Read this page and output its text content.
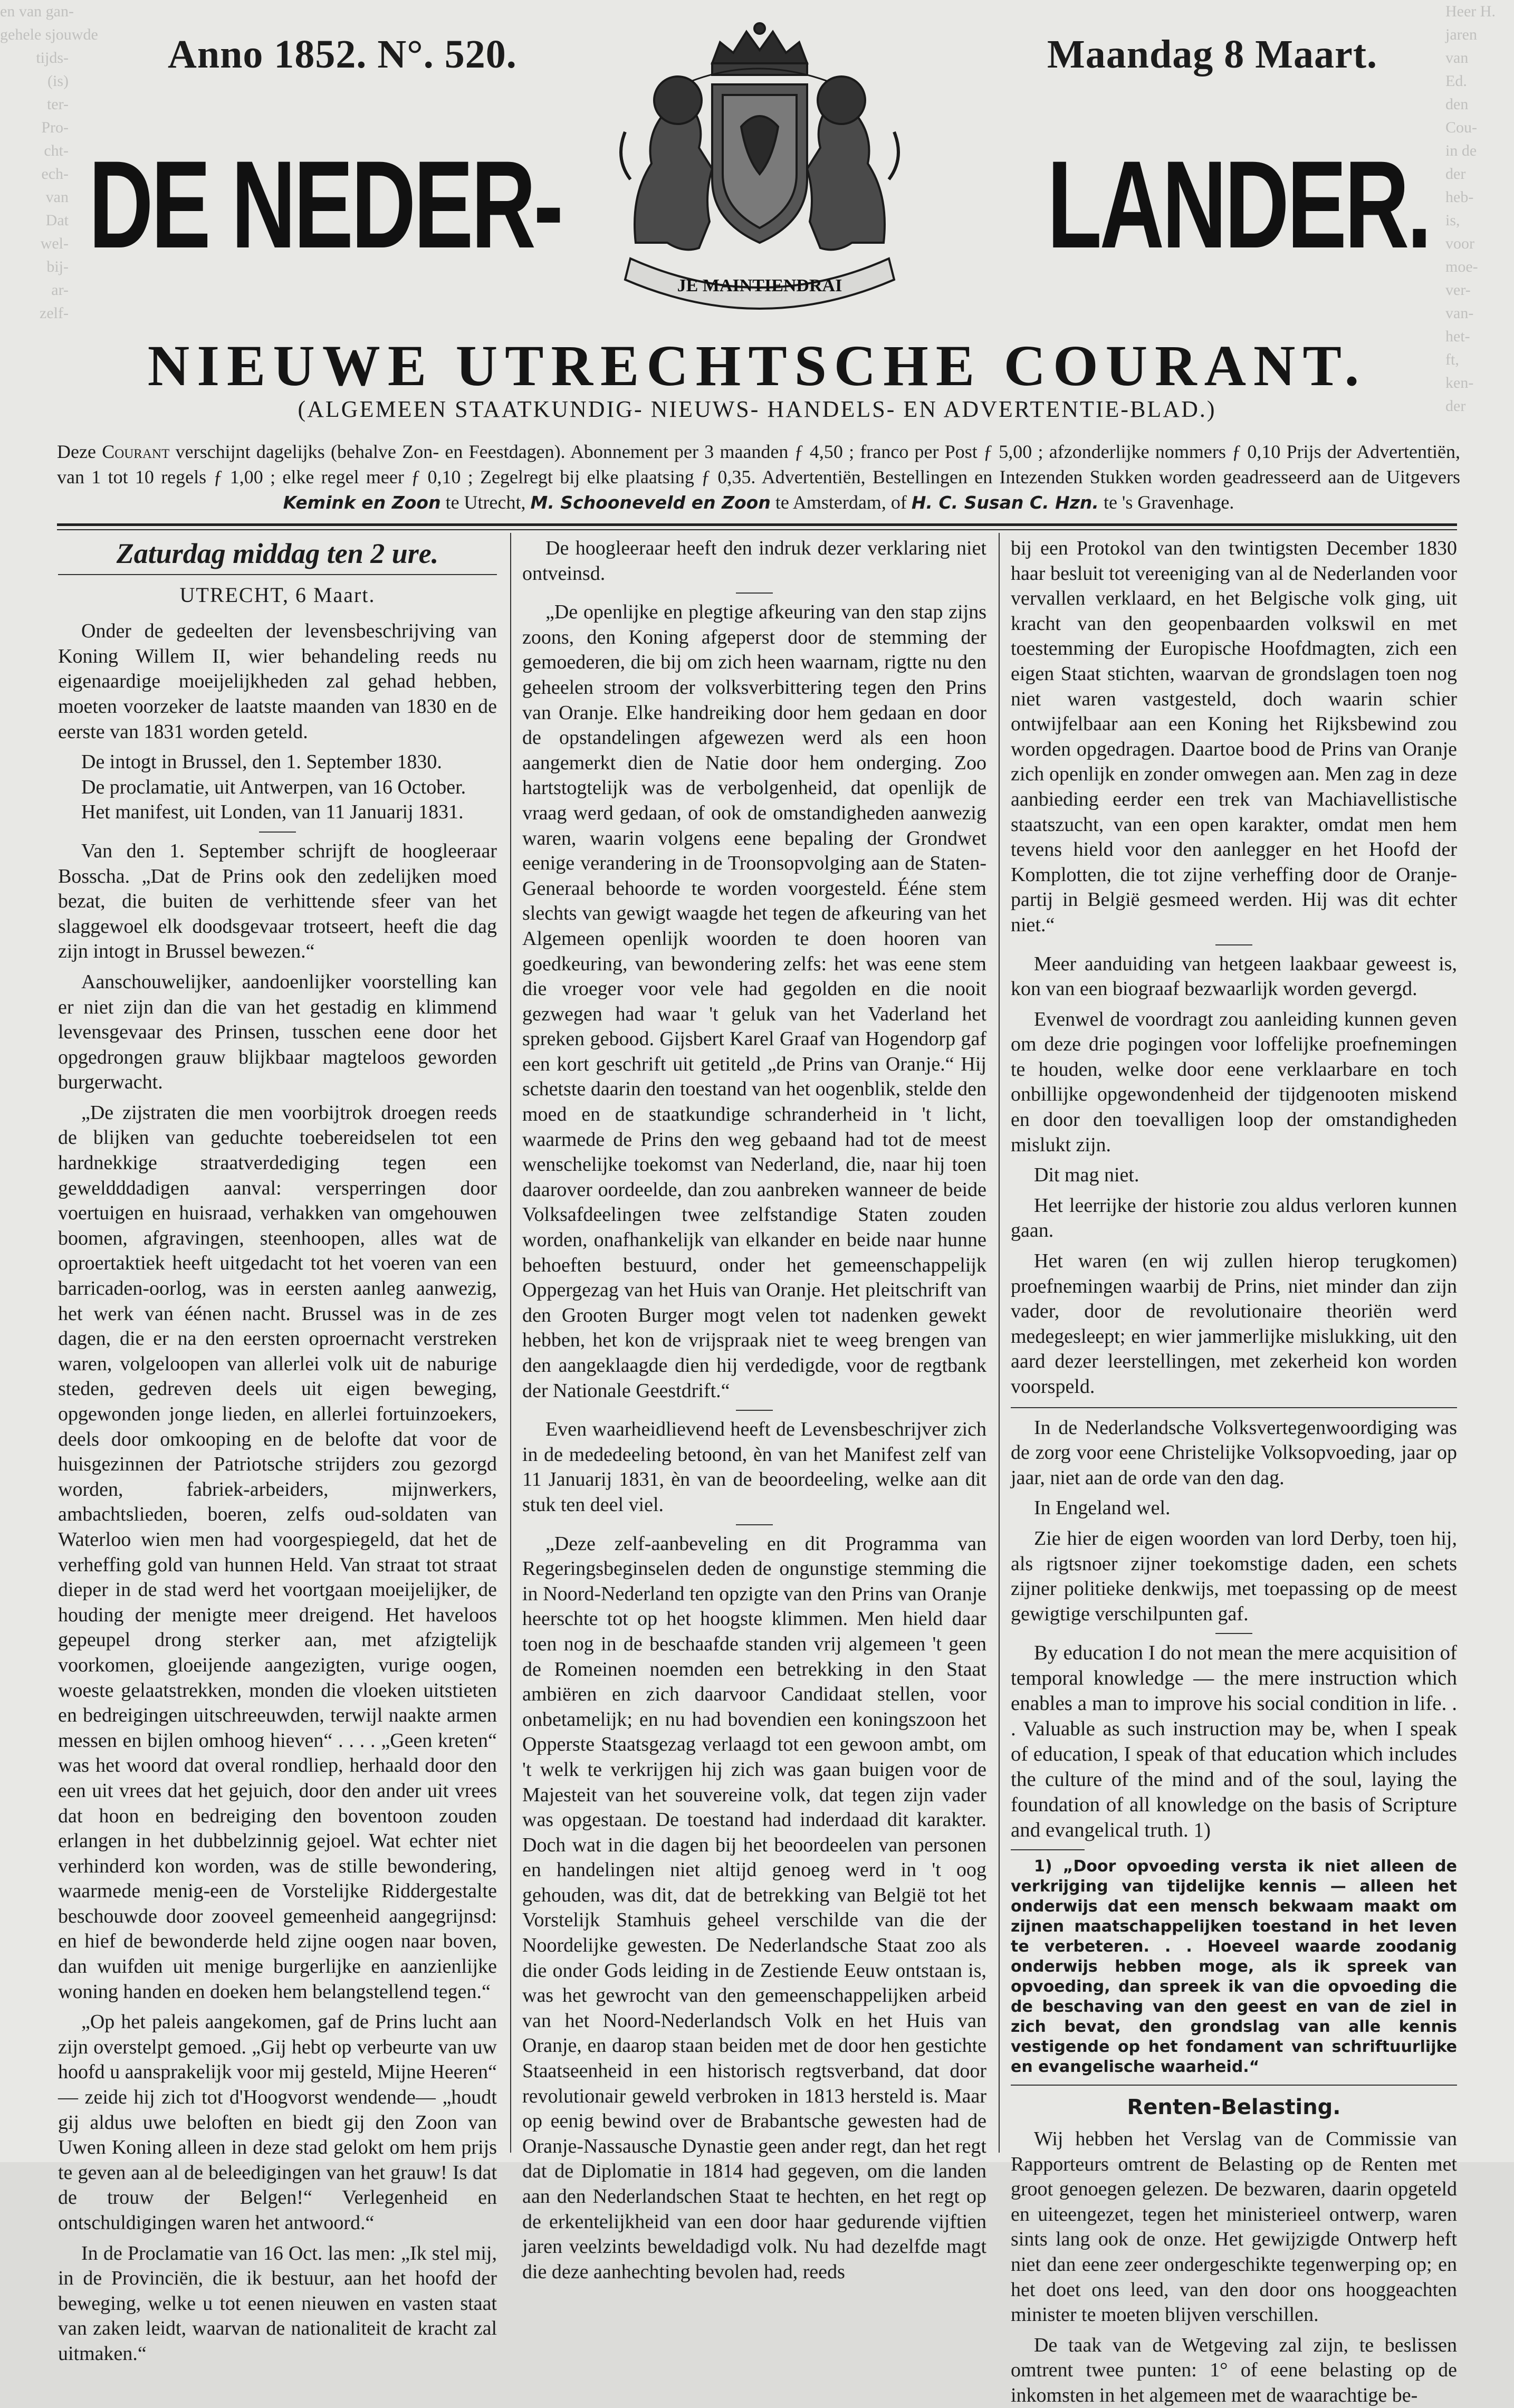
en van gan-
gehele sjouwde
tijds-
(is)
ter-
Pro-
cht-
ech-
van
Dat
wel-
bij-
ar-
zelf-
Heer H.
jaren
van
Ed.
den
Cou-
in de
der
heb-
is,
voor
moe-
ver-
van-
het-
ft,
ken-
der
Anno 1852. N°. 520.	Maandag 8 Maart.
DE NEDER-	LANDER.
JE MAINTIENDRAI
NIEUWE UTRECHTSCHE COURANT.
(ALGEMEEN STAATKUNDIG- NIEUWS- HANDELS- EN ADVERTENTIE-BLAD.)
Deze Courant verschijnt dagelijks (behalve Zon- en Feestdagen). Abonnement per 3 maanden ƒ 4,50 ; franco per Post ƒ 5,00 ; afzonderlijke nommers ƒ 0,10 Prijs der Advertentiën, van 1 tot 10 regels ƒ 1,00 ; elke regel meer ƒ 0,10 ; Zegelregt bij elke plaatsing ƒ 0,35. Advertentiën, Bestellingen en Intezenden Stukken worden geadresseerd aan de Uitgevers Kemink en Zoon te Utrecht, M. Schooneveld en Zoon te Amsterdam, of H. C. Susan C. Hzn. te 's Gravenhage.
Zaturdag middag ten 2 ure.
UTRECHT, 6 Maart.

Onder de gedeelten der levensbeschrijving van Koning Willem II, wier behandeling reeds nu eigenaardige moeijelijkheden zal gehad hebben, moeten voorzeker de laatste maanden van 1830 en de eerste van 1831 worden geteld.

De intogt in Brussel, den 1. September 1830.

De proclamatie, uit Antwerpen, van 16 October.

Het manifest, uit Londen, van 11 Januarij 1831.

Van den 1. September schrijft de hoogleeraar Bosscha. „Dat de Prins ook den zedelijken moed bezat, die buiten de verhittende sfeer van het slaggewoel elk doodsgevaar trotseert, heeft die dag zijn intogt in Brussel bewezen.“

Aanschouwelijker, aandoenlijker voorstelling kan er niet zijn dan die van het gestadig en klimmend levensgevaar des Prinsen, tusschen eene door het opgedrongen grauw blijkbaar magteloos geworden burgerwacht.

„De zijstraten die men voorbijtrok droegen reeds de blijken van geduchte toebereidselen tot een hardnekkige straatverdediging tegen een geweldddadigen aanval: versperringen door voertuigen en huisraad, verhakken van omgehouwen boomen, afgravingen, steenhoopen, alles wat de oproertaktiek heeft uitgedacht tot het voeren van een barricaden-oorlog, was in eersten aanleg aanwezig, het werk van éénen nacht. Brussel was in de zes dagen, die er na den eersten oproernacht verstreken waren, volgeloopen van allerlei volk uit de naburige steden, gedreven deels uit eigen beweging, opgewonden jonge lieden, en allerlei fortuinzoekers, deels door omkooping en de belofte dat voor de huisgezinnen der Patriotsche strijders zou gezorgd worden, fabriek-arbeiders, mijnwerkers, ambachtslieden, boeren, zelfs oud-soldaten van Waterloo wien men had voorgespiegeld, dat het de verheffing gold van hunnen Held. Van straat tot straat dieper in de stad werd het voortgaan moeijelijker, de houding der menigte meer dreigend. Het haveloos gepeupel drong sterker aan, met afzigtelijk voorkomen, gloeijende aangezigten, vurige oogen, woeste gelaatstrekken, monden die vloeken uitstieten en bedreigingen uitschreeuwden, terwijl naakte armen messen en bijlen omhoog hieven“ . . . . „Geen kreten“ was het woord dat overal rondliep, herhaald door den een uit vrees dat het gejuich, door den ander uit vrees dat hoon en bedreiging den boventoon zouden erlangen in het dubbelzinnig gejoel. Wat echter niet verhinderd kon worden, was de stille bewondering, waarmede menig-een de Vorstelijke Riddergestalte beschouwde door zooveel gemeenheid aangegrijnsd: en hief de bewonderde held zijne oogen naar boven, dan wuifden uit menige burgerlijke en aanzienlijke woning handen en doeken hem belangstellend tegen.“

„Op het paleis aangekomen, gaf de Prins lucht aan zijn overstelpt gemoed. „Gij hebt op verbeurte van uw hoofd u aansprakelijk voor mij gesteld, Mijne Heeren“ — zeide hij zich tot d'Hoogvorst wendende— „houdt gij aldus uwe beloften en biedt gij den Zoon van Uwen Koning alleen in deze stad gelokt om hem prijs te geven aan al de beleedigingen van het grauw! Is dat de trouw der Belgen!“ Verlegenheid en ontschuldigingen waren het antwoord.“

In de Proclamatie van 16 Oct. las men: „Ik stel mij, in de Provinciën, die ik bestuur, aan het hoofd der beweging, welke u tot eenen nieuwen en vasten staat van zaken leidt, waarvan de nationaliteit de kracht zal uitmaken.“

De hoogleeraar heeft den indruk dezer verklaring niet ontveinsd.

„De openlijke en plegtige afkeuring van den stap zijns zoons, den Koning afgeperst door de stemming der gemoederen, die bij om zich heen waarnam, rigtte nu den geheelen stroom der volksverbittering tegen den Prins van Oranje. Elke handreiking door hem gedaan en door de opstandelingen afgewezen werd als een hoon aangemerkt dien de Natie door hem onderging. Zoo hartstogtelijk was de verbolgenheid, dat openlijk de vraag werd gedaan, of ook de omstandigheden aanwezig waren, waarin volgens eene bepaling der Grondwet eenige verandering in de Troonsopvolging aan de Staten-Generaal behoorde te worden voorgesteld. Ééne stem slechts van gewigt waagde het tegen de afkeuring van het Algemeen openlijk woorden te doen hooren van goedkeuring, van bewondering zelfs: het was eene stem die vroeger voor vele had gegolden en die nooit gezwegen had waar 't geluk van het Vaderland het spreken gebood. Gijsbert Karel Graaf van Hogendorp gaf een kort geschrift uit getiteld „de Prins van Oranje.“ Hij schetste daarin den toestand van het oogenblik, stelde den moed en de staatkundige schranderheid in 't licht, waarmede de Prins den weg gebaand had tot de meest wenschelijke toekomst van Nederland, die, naar hij toen daarover oordeelde, dan zou aanbreken wanneer de beide Volksafdeelingen twee zelfstandige Staten zouden worden, onafhankelijk van elkander en beide naar hunne behoeften bestuurd, onder het gemeenschappelijk Oppergezag van het Huis van Oranje. Het pleitschrift van den Grooten Burger mogt velen tot nadenken gewekt hebben, het kon de vrijspraak niet te weeg brengen van den aangeklaagde dien hij verdedigde, voor de regtbank der Nationale Geestdrift.“

Even waarheidlievend heeft de Levensbeschrijver zich in de mededeeling betoond, èn van het Manifest zelf van 11 Januarij 1831, èn van de beoordeeling, welke aan dit stuk ten deel viel.

„Deze zelf-aanbeveling en dit Programma van Regeringsbeginselen deden de ongunstige stemming die in Noord-Nederland ten opzigte van den Prins van Oranje heerschte tot op het hoogste klimmen. Men hield daar toen nog in de beschaafde standen vrij algemeen 't geen de Romeinen noemden een betrekking in den Staat ambiëren en zich daarvoor Candidaat stellen, voor onbetamelijk; en nu had bovendien een koningszoon het Opperste Staatsgezag verlaagd tot een gewoon ambt, om 't welk te verkrijgen hij zich was gaan buigen voor de Majesteit van het souvereine volk, dat tegen zijn vader was opgestaan. De toestand had inderdaad dit karakter. Doch wat in die dagen bij het beoordeelen van personen en handelingen niet altijd genoeg werd in 't oog gehouden, was dit, dat de betrekking van België tot het Vorstelijk Stamhuis geheel verschilde van die der Noordelijke gewesten. De Nederlandsche Staat zoo als die onder Gods leiding in de Zestiende Eeuw ontstaan is, was het gewrocht van den gemeenschappelijken arbeid van het Noord-Nederlandsch Volk en het Huis van Oranje, en daarop staan beiden met de door hen gestichte Staatseenheid in een historisch regtsverband, dat door revolutionair geweld verbroken in 1813 hersteld is. Maar op eenig bewind over de Brabantsche gewesten had de Oranje-Nassausche Dynastie geen ander regt, dan het regt dat de Diplomatie in 1814 had gegeven, om die landen aan den Nederlandschen Staat te hechten, en het regt op de erkentelijkheid van een door haar gedurende vijftien jaren veelzints beweldadigd volk. Nu had dezelfde magt die deze aanhechting bevolen had, reeds

bij een Protokol van den twintigsten December 1830 haar besluit tot vereeniging van al de Nederlanden voor vervallen verklaard, en het Belgische volk ging, uit kracht van den geopenbaarden volkswil en met toestemming der Europische Hoofdmagten, zich een eigen Staat stichten, waarvan de grondslagen toen nog niet waren vastgesteld, doch waarin schier ontwijfelbaar aan een Koning het Rijksbewind zou worden opgedragen. Daartoe bood de Prins van Oranje zich openlijk en zonder omwegen aan. Men zag in deze aanbieding eerder een trek van Machiavellistische staatszucht, van een open karakter, omdat men hem tevens hield voor den aanlegger en het Hoofd der Komplotten, die tot zijne verheffing door de Oranje-partij in België gesmeed werden. Hij was dit echter niet.“

Meer aanduiding van hetgeen laakbaar geweest is, kon van een biograaf bezwaarlijk worden gevergd.

Evenwel de voordragt zou aanleiding kunnen geven om deze drie pogingen voor loffelijke proefnemingen te houden, welke door eene verklaarbare en toch onbillijke opgewondenheid der tijdgenooten miskend en door den toevalligen loop der omstandigheden mislukt zijn.

Dit mag niet.

Het leerrijke der historie zou aldus verloren kunnen gaan.

Het waren (en wij zullen hierop terugkomen) proefnemingen waarbij de Prins, niet minder dan zijn vader, door de revolutionaire theoriën werd medegesleept; en wier jammerlijke mislukking, uit den aard dezer leerstellingen, met zekerheid kon worden voorspeld.

In de Nederlandsche Volksvertegenwoordiging was de zorg voor eene Christelijke Volksopvoeding, jaar op jaar, niet aan de orde van den dag.

In Engeland wel.

Zie hier de eigen woorden van lord Derby, toen hij, als rigtsnoer zijner toekomstige daden, een schets zijner politieke denkwijs, met toepassing op de meest gewigtige verschilpunten gaf.

By education I do not mean the mere acquisition of temporal knowledge — the mere instruction which enables a man to improve his social condition in life. . . Valuable as such instruction may be, when I speak of education, I speak of that education which includes the culture of the mind and of the soul, laying the foundation of all knowledge on the basis of Scripture and evangelical truth. 1)

1) „Door opvoeding versta ik niet alleen de verkrijging van tijdelijke kennis — alleen het onderwijs dat een mensch bekwaam maakt om zijnen maatschappelijken toestand in het leven te verbeteren. . . Hoeveel waarde zoodanig onderwijs hebben moge, als ik spreek van opvoeding, dan spreek ik van die opvoeding die de beschaving van den geest en van de ziel in zich bevat, den grondslag van alle kennis vestigende op het fondament van schriftuurlijke en evangelische waarheid.“

Renten-Belasting.

Wij hebben het Verslag van de Commissie van Rapporteurs omtrent de Belasting op de Renten met groot genoegen gelezen. De bezwaren, daarin opgeteld en uiteengezet, tegen het ministerieel ontwerp, waren sints lang ook de onze. Het gewijzigde Ontwerp heft niet dan eene zeer ondergeschikte tegenwerping op; en het doet ons leed, van den door ons hooggeachten minister te moeten blijven verschillen.

De taak van de Wetgeving zal zijn, te beslissen omtrent twee punten: 1° of eene belasting op de inkomsten in het algemeen met de waarachtige be-
